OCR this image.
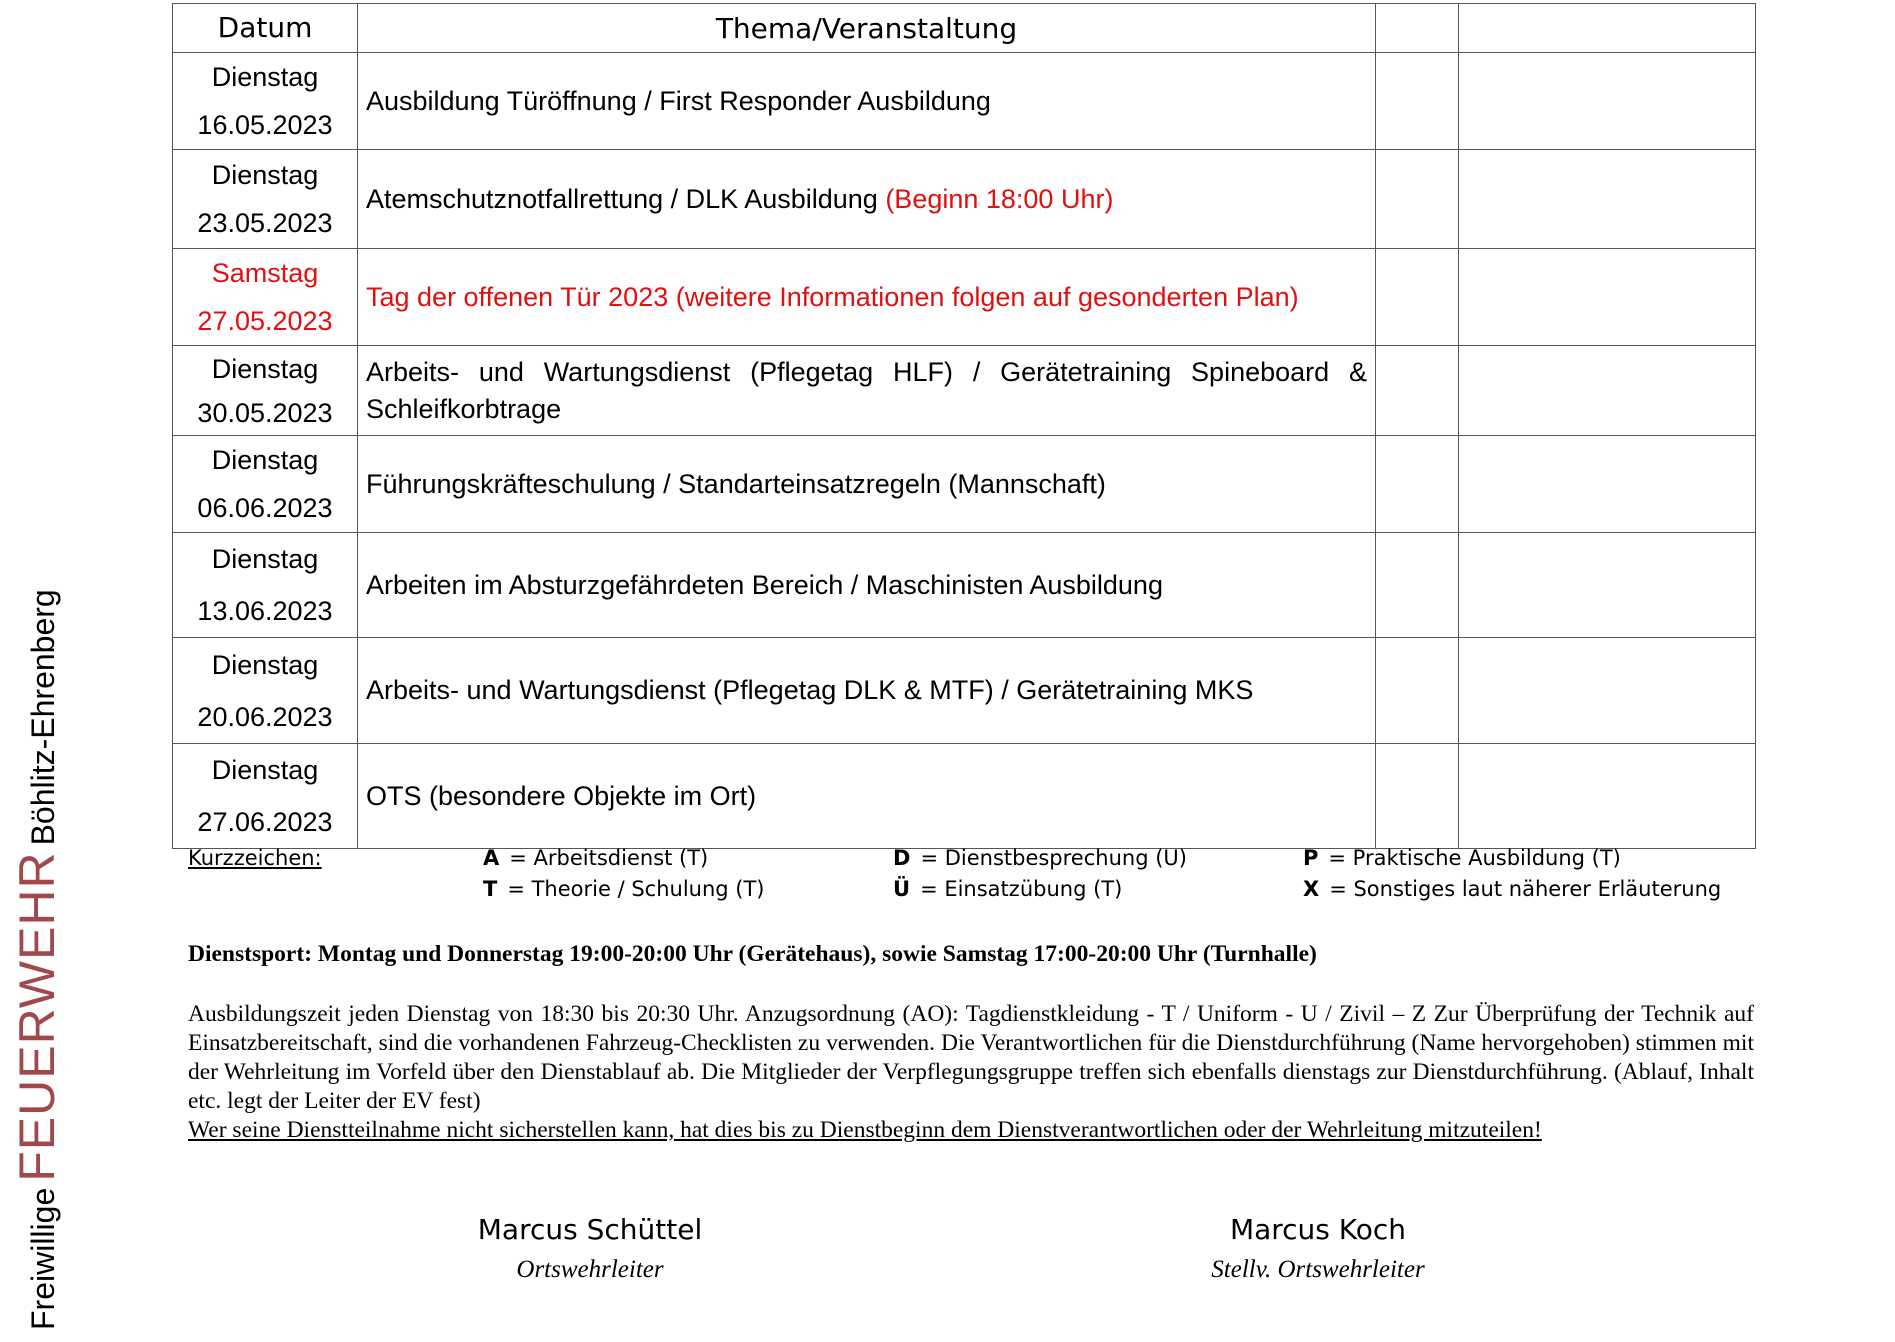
Freiwillige
FEUERWEHR
Böhlitz-Ehrenberg
Datum	Thema/Veranstaltung		

Dienstag
16.05.2023	Ausbildung Türöffnung / First Responder Ausbildung		

Dienstag
23.05.2023	Atemschutznotfallrettung / DLK Ausbildung (Beginn 18:00 Uhr)		

Samstag
27.05.2023	Tag der offenen Tür 2023 (weitere Informationen folgen auf gesonderten Plan)		

Dienstag
30.05.2023	Arbeits- und Wartungsdienst (Pflegetag HLF) / Gerätetraining Spineboard & Schleifkorbtrage		

Dienstag
06.06.2023	Führungskräfteschulung / Standarteinsatzregeln (Mannschaft)		

Dienstag
13.06.2023	Arbeiten im Absturzgefährdeten Bereich / Maschinisten Ausbildung		

Dienstag
20.06.2023	Arbeits- und Wartungsdienst (Pflegetag DLK & MTF) / Gerätetraining MKS		

Dienstag
27.06.2023	OTS (besondere Objekte im Ort)		
Kurzzeichen:	A = Arbeitsdienst (T)	D = Dienstbesprechung (U)	P = Praktische Ausbildung (T)
T = Theorie / Schulung (T)	Ü = Einsatzübung (T)	X = Sonstiges laut näherer Erläuterung
Dienstsport: Montag und Donnerstag 19:00-20:00 Uhr (Gerätehaus), sowie Samstag 17:00-20:00 Uhr (Turnhalle)
Ausbildungszeit jeden Dienstag von 18:30 bis 20:30 Uhr. Anzugsordnung (AO): Tagdienstkleidung - T / Uniform - U / Zivil – Z Zur Überprüfung der Technik auf Einsatzbereitschaft, sind die vorhandenen Fahrzeug-Checklisten zu verwenden. Die Verantwortlichen für die Dienstdurchführung (Name hervorgehoben) stimmen mit der Wehrleitung im Vorfeld über den Dienstablauf ab. Die Mitglieder der Verpflegungsgruppe treffen sich ebenfalls dienstags zur Dienstdurchführung. (Ablauf, Inhalt etc. legt der Leiter der EV fest)
Wer seine Dienstteilnahme nicht sicherstellen kann, hat dies bis zu Dienstbeginn dem Dienstverantwortlichen oder der Wehrleitung mitzuteilen!
Marcus Schüttel
Ortswehrleiter
Marcus Koch
Stellv. Ortswehrleiter
